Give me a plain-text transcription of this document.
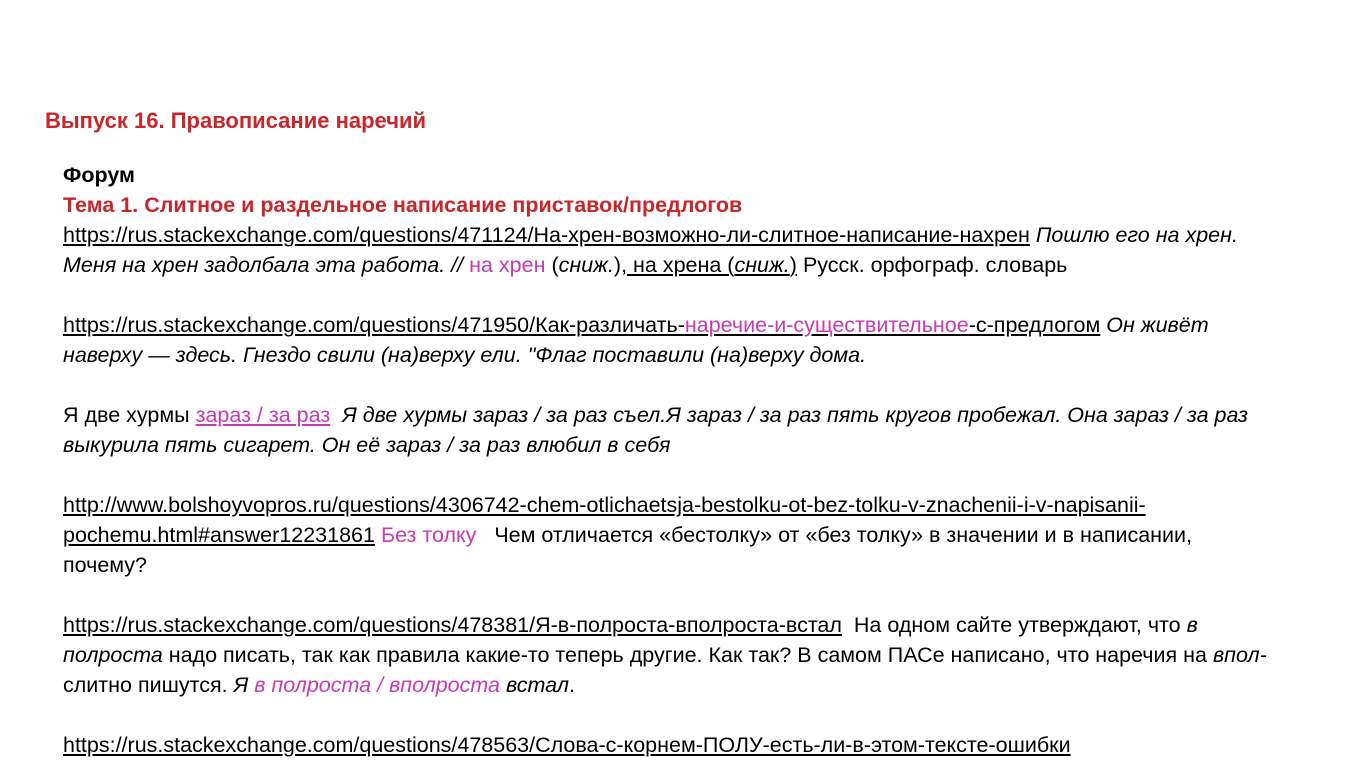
Выпуск 16. Правописание наречий
Форум
Тема 1. Слитное и раздельное написание приставок/предлогов
https://rus.stackexchange.com/questions/471124/На-хрен-возможно-ли-слитное-написание-нахрен Пошлю его на хрен.
Меня на хрен задолбала эта работа. // на хрен (сниж.), на хрена (сниж.) Русск. орфограф. словарь
https://rus.stackexchange.com/questions/471950/Как-различать-наречие-и-существительное-с-предлогом Он живёт
наверху — здесь. Гнездо свили (на)верху ели. "Флаг поставили (на)верху дома.
Я две хурмы зараз / за раз Я две хурмы зараз / за раз съел.Я зараз / за раз пять кругов пробежал. Она зараз / за раз
выкурила пять сигарет. Он её зараз / за раз влюбил в себя
http://www.bolshoyvopros.ru/questions/4306742-chem-otlichaetsja-bestolku-ot-bez-tolku-v-znachenii-i-v-napisanii-
pochemu.html#answer12231861 Без толку Чем отличается «бестолку» от «без толку» в значении и в написании,
почему?
https://rus.stackexchange.com/questions/478381/Я-в-полроста-вполроста-встал На одном сайте утверждают, что в
полроста надо писать, так как правила какие-то теперь другие. Как так? В самом ПАСе написано, что наречия на впол-
слитно пишутся. Я в полроста / вполроста встал.
https://rus.stackexchange.com/questions/478563/Слова-с-корнем-ПОЛУ-есть-ли-в-этом-тексте-ошибки
